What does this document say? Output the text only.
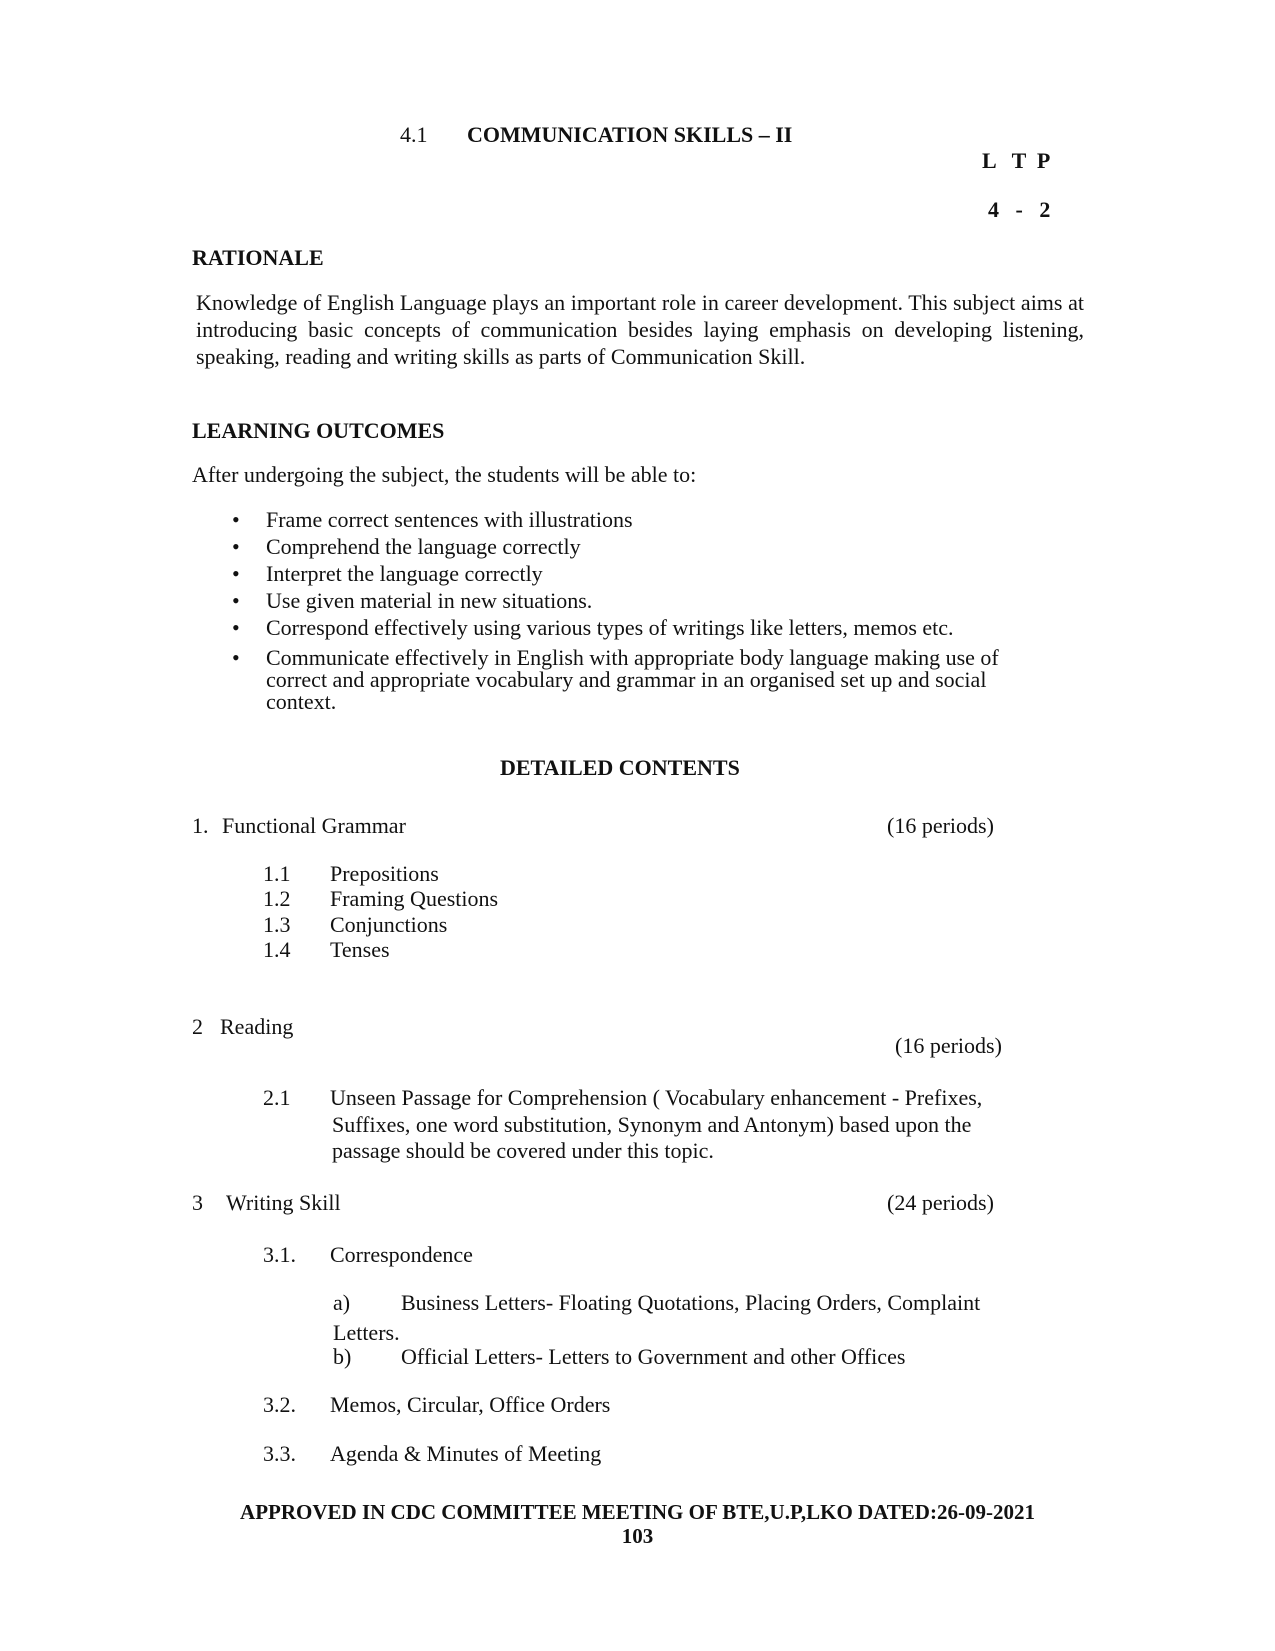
4.1 COMMUNICATION SKILLS – II
L   T  P
4   -   2
RATIONALE
Knowledge of English Language plays an important role in career development. This subject aims at introducing basic concepts of communication besides laying emphasis on developing listening, speaking, reading and writing skills as parts of Communication Skill.
LEARNING OUTCOMES
After undergoing the subject, the students will be able to:
• Frame correct sentences with illustrations
• Comprehend the language correctly
• Interpret the language correctly
• Use given material in new situations.
• Correspond effectively using various types of writings like letters, memos etc.
• Communicate effectively in English with appropriate body language making use of correct and appropriate vocabulary and grammar in an organised set up and social context.
DETAILED CONTENTS
1. Functional Grammar	(16 periods)
1.1 Prepositions
1.2 Framing Questions
1.3 Conjunctions
1.4 Tenses
2 Reading
(16 periods)
2.1 Unseen Passage for Comprehension ( Vocabulary enhancement - Prefixes,
Suffixes, one word substitution, Synonym and Antonym) based upon the
passage should be covered under this topic.
3 Writing Skill	(24 periods)
3.1. Correspondence
a) Business Letters- Floating Quotations, Placing Orders, Complaint
Letters.
b) Official Letters- Letters to Government and other Offices
3.2. Memos, Circular, Office Orders
3.3. Agenda & Minutes of Meeting
APPROVED IN CDC COMMITTEE MEETING OF BTE,U.P,LKO DATED:26-09-2021
103
